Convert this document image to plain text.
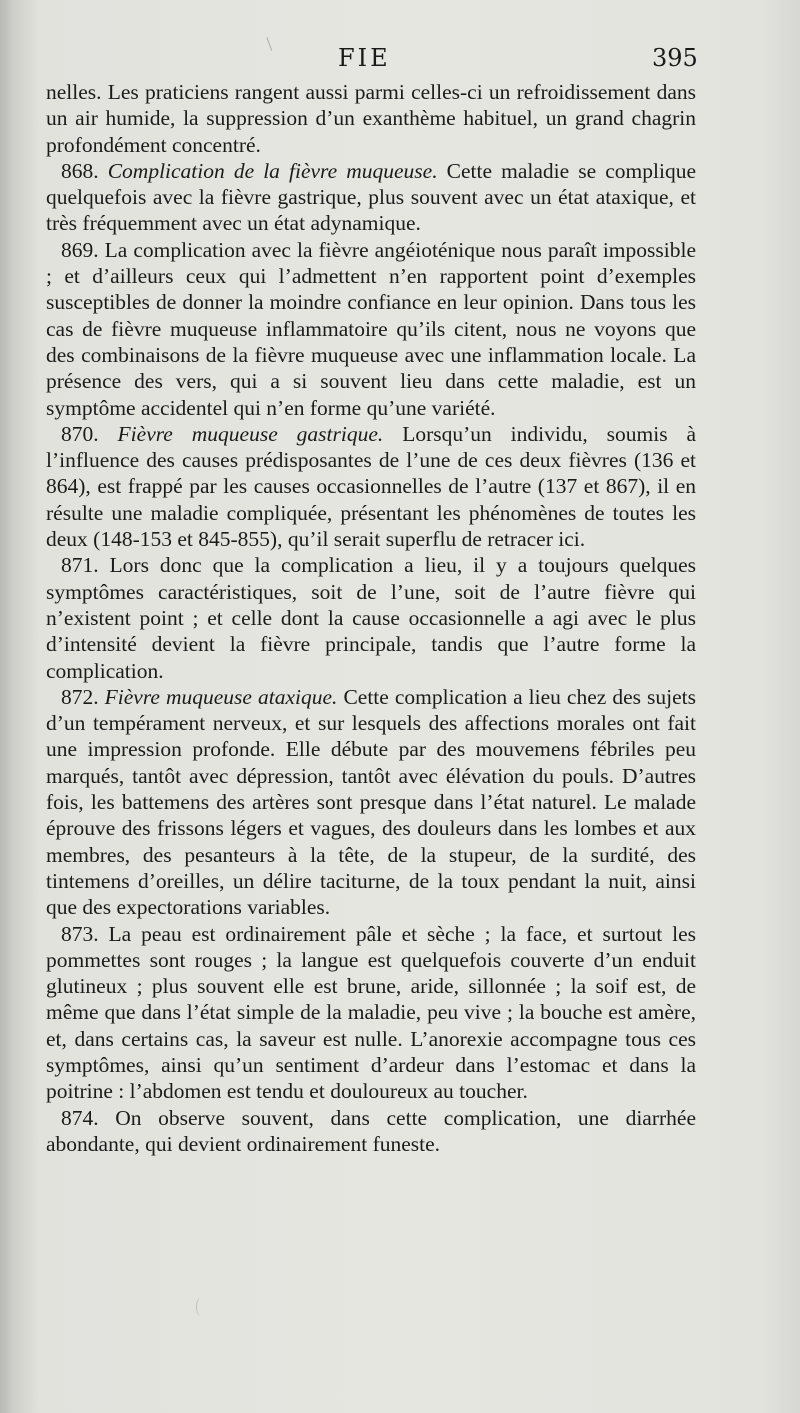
FIE	395

nelles. Les praticiens rangent aussi parmi celles-ci un refroidissement dans un air humide, la suppression d’un exanthème habituel, un grand chagrin profondément concentré.

868. Complication de la fièvre muqueuse. Cette maladie se complique quelquefois avec la fièvre gastrique, plus souvent avec un état ataxique, et très fréquemment avec un état adynamique.

869. La complication avec la fièvre angéioténique nous paraît impossible ; et d’ailleurs ceux qui l’admettent n’en rapportent point d’exemples susceptibles de donner la moindre confiance en leur opinion. Dans tous les cas de fièvre muqueuse inflammatoire qu’ils citent, nous ne voyons que des combinaisons de la fièvre muqueuse avec une inflammation locale. La présence des vers, qui a si souvent lieu dans cette maladie, est un symptôme accidentel qui n’en forme qu’une variété.

870. Fièvre muqueuse gastrique. Lorsqu’un individu, soumis à l’influence des causes prédisposantes de l’une de ces deux fièvres (136 et 864), est frappé par les causes occasionnelles de l’autre (137 et 867), il en résulte une maladie compliquée, présentant les phénomènes de toutes les deux (148-153 et 845-855), qu’il serait superflu de retracer ici.

871. Lors donc que la complication a lieu, il y a toujours quelques symptômes caractéristiques, soit de l’une, soit de l’autre fièvre qui n’existent point ; et celle dont la cause occasionnelle a agi avec le plus d’intensité devient la fièvre principale, tandis que l’autre forme la complication.

872. Fièvre muqueuse ataxique. Cette complication a lieu chez des sujets d’un tempérament nerveux, et sur lesquels des affections morales ont fait une impression profonde. Elle débute par des mouvemens fébriles peu marqués, tantôt avec dépression, tantôt avec élévation du pouls. D’autres fois, les battemens des artères sont presque dans l’état naturel. Le malade éprouve des frissons légers et vagues, des douleurs dans les lombes et aux membres, des pesanteurs à la tête, de la stupeur, de la surdité, des tintemens d’oreilles, un délire taciturne, de la toux pendant la nuit, ainsi que des expectorations variables.

873. La peau est ordinairement pâle et sèche ; la face, et surtout les pommettes sont rouges ; la langue est quelquefois couverte d’un enduit glutineux ; plus souvent elle est brune, aride, sillonnée ; la soif est, de même que dans l’état simple de la maladie, peu vive ; la bouche est amère, et, dans certains cas, la saveur est nulle. L’anorexie accompagne tous ces symptômes, ainsi qu’un sentiment d’ardeur dans l’estomac et dans la poitrine : l’abdomen est tendu et douloureux au toucher.

874. On observe souvent, dans cette complication, une diarrhée abondante, qui devient ordinairement funeste.
